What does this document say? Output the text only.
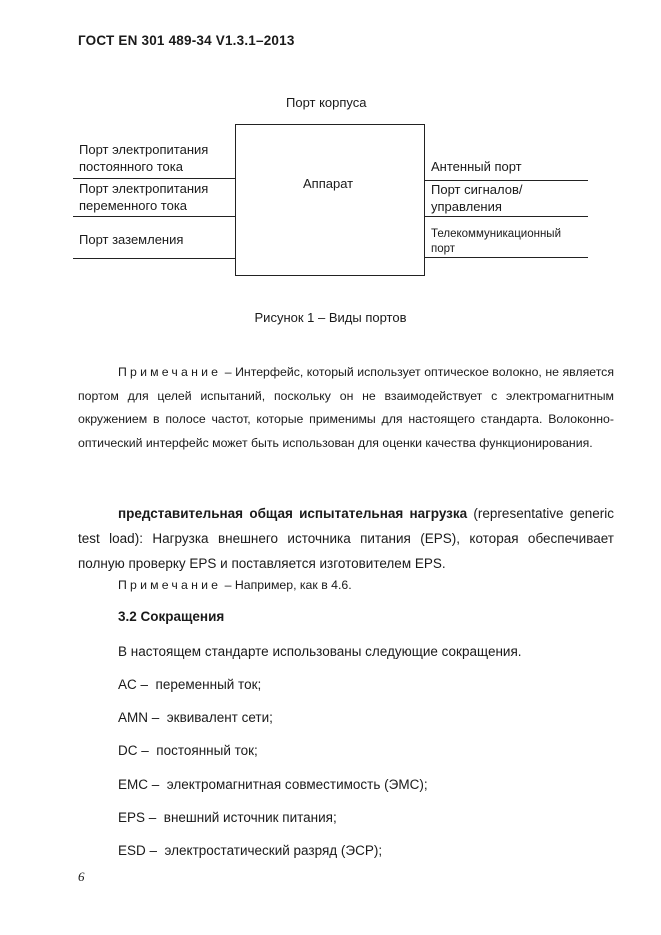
ГОСТ EN 301 489-34 V1.3.1–2013
Порт корпуса
Аппарат
Порт электропитания
постоянного тока
Порт электропитания
переменного тока
Порт заземления
Антенный порт
Порт сигналов/
управления
Телекоммуникационный
порт
Рисунок 1 – Виды портов
Примечание – Интерфейс, который использует оптическое волокно, не является портом для целей испытаний, поскольку он не взаимодействует с электромагнитным окружением в полосе частот, которые применимы для настоящего стандарта. Волоконно-оптический интерфейс может быть использован для оценки качества функционирования.
представительная общая испытательная нагрузка (representative generic test load): Нагрузка внешнего источника питания (EPS), которая обеспечивает полную проверку EPS и поставляется изготовителем EPS.
Примечание – Например, как в 4.6.
3.2 Сокращения
В настоящем стандарте использованы следующие сокращения.
AC – переменный ток;
AMN – эквивалент сети;
DC – постоянный ток;
EMC – электромагнитная совместимость (ЭМС);
EPS – внешний источник питания;
ESD – электростатический разряд (ЭСР);
6
